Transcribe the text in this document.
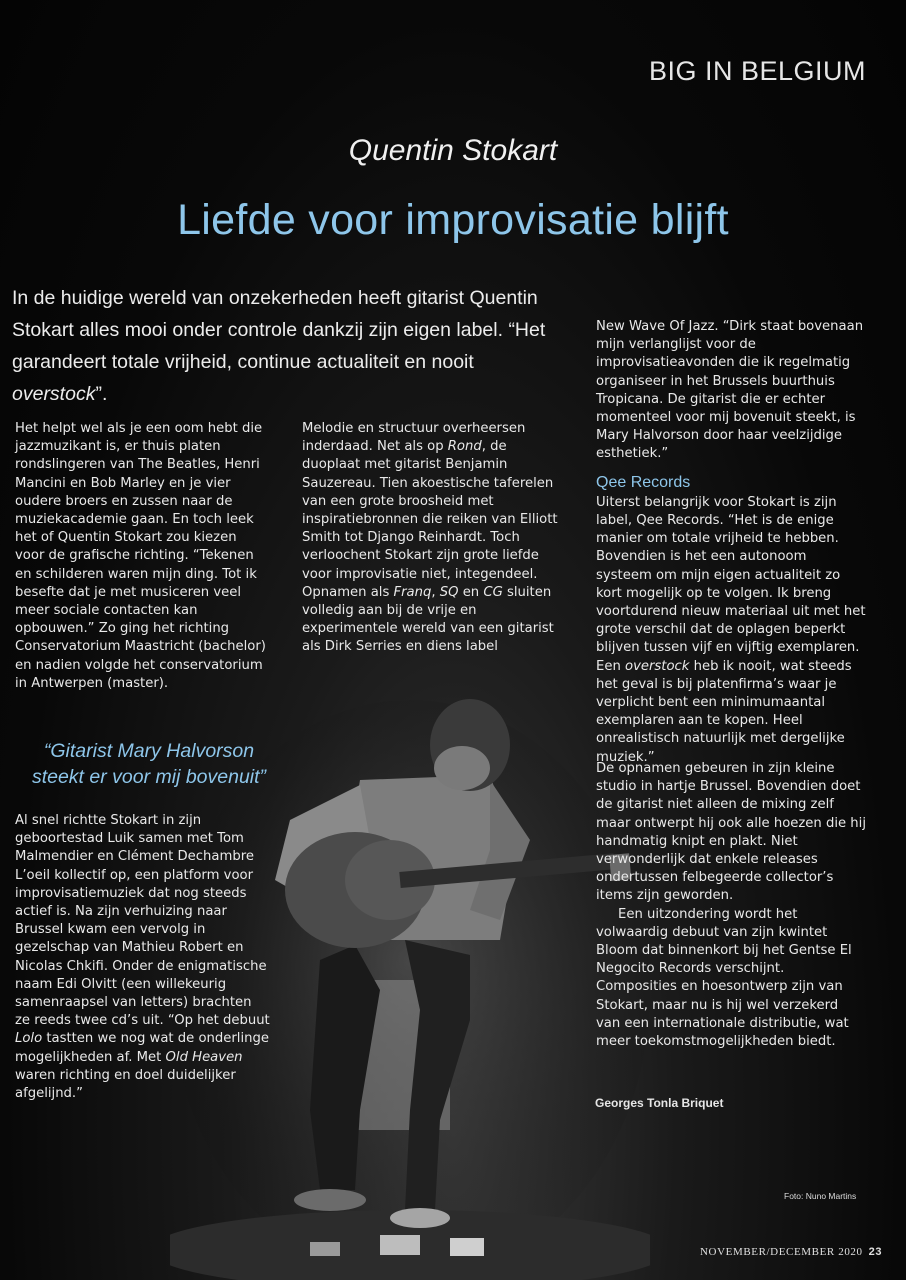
BIG IN BELGIUM
Quentin Stokart
Liefde voor improvisatie blijft
In de huidige wereld van onzekerheden heeft gitarist Quentin Stokart alles mooi onder controle dankzij zijn eigen label. “Het garandeert totale vrijheid, continue actualiteit en nooit overstock”.

Het helpt wel als je een oom hebt die jazzmuzikant is, er thuis platen rondslingeren van The Beatles, Henri Mancini en Bob Marley en je vier oudere broers en zussen naar de muziekacademie gaan. En toch leek het of Quentin Stokart zou kiezen voor de grafische richting. “Tekenen en schilderen waren mijn ding. Tot ik besefte dat je met musiceren veel meer sociale contacten kan opbouwen.” Zo ging het richting Conservatorium Maastricht (bachelor) en nadien volgde het conservatorium in Antwerpen (master).

Melodie en structuur overheersen inderdaad. Net als op Rond, de duoplaat met gitarist Benjamin Sauzereau. Tien akoestische taferelen van een grote broosheid met inspiratiebronnen die reiken van Elliott Smith tot Django Reinhardt. Toch verloochent Stokart zijn grote liefde voor improvisatie niet, integendeel. Opnamen als Franq, SQ en CG sluiten volledig aan bij de vrije en experimentele wereld van een gitarist als Dirk Serries en diens label

New Wave Of Jazz. “Dirk staat bovenaan mijn verlanglijst voor de improvisatieavonden die ik regelmatig organiseer in het Brussels buurthuis Tropicana. De gitarist die er echter momenteel voor mij bovenuit steekt, is Mary Halvorson door haar veelzijdige esthetiek.”

Qee Records

Uiterst belangrijk voor Stokart is zijn label, Qee Records. “Het is de enige manier om totale vrijheid te hebben. Bovendien is het een autonoom systeem om mijn eigen actualiteit zo kort mogelijk op te volgen. Ik breng voortdurend nieuw materiaal uit met het grote verschil dat de oplagen beperkt blijven tussen vijf en vijftig exemplaren. Een overstock heb ik nooit, wat steeds het geval is bij platenfirma’s waar je verplicht bent een minimumaantal exemplaren aan te kopen. Heel onrealistisch natuurlijk met dergelijke muziek.”

“Gitarist Mary Halvorson steekt er voor mij bovenuit”

Al snel richtte Stokart in zijn geboortestad Luik samen met Tom Malmendier en Clément Dechambre L’oeil kollectif op, een platform voor improvisatiemuziek dat nog steeds actief is. Na zijn verhuizing naar Brussel kwam een vervolg in gezelschap van Mathieu Robert en Nicolas Chkifi. Onder de enigmatische naam Edi Olvitt (een willekeurig samenraapsel van letters) brachten ze reeds twee cd’s uit. “Op het debuut Lolo tastten we nog wat de onderlinge mogelijkheden af. Met Old Heaven waren richting en doel duidelijker afgelijnd.”

De opnamen gebeuren in zijn kleine studio in hartje Brussel. Bovendien doet de gitarist niet alleen de mixing zelf maar ontwerpt hij ook alle hoezen die hij handmatig knipt en plakt. Niet verwonderlijk dat enkele releases ondertussen felbegeerde collector’s items zijn geworden.

Een uitzondering wordt het volwaardig debuut van zijn kwintet Bloom dat binnenkort bij het Gentse El Negocito Records verschijnt. Composities en hoesontwerp zijn van Stokart, maar nu is hij wel verzekerd van een internationale distributie, wat meer toekomstmogelijkheden biedt.

Georges Tonla Briquet
Foto: Nuno Martins
NOVEMBER/DECEMBER 2020 23
